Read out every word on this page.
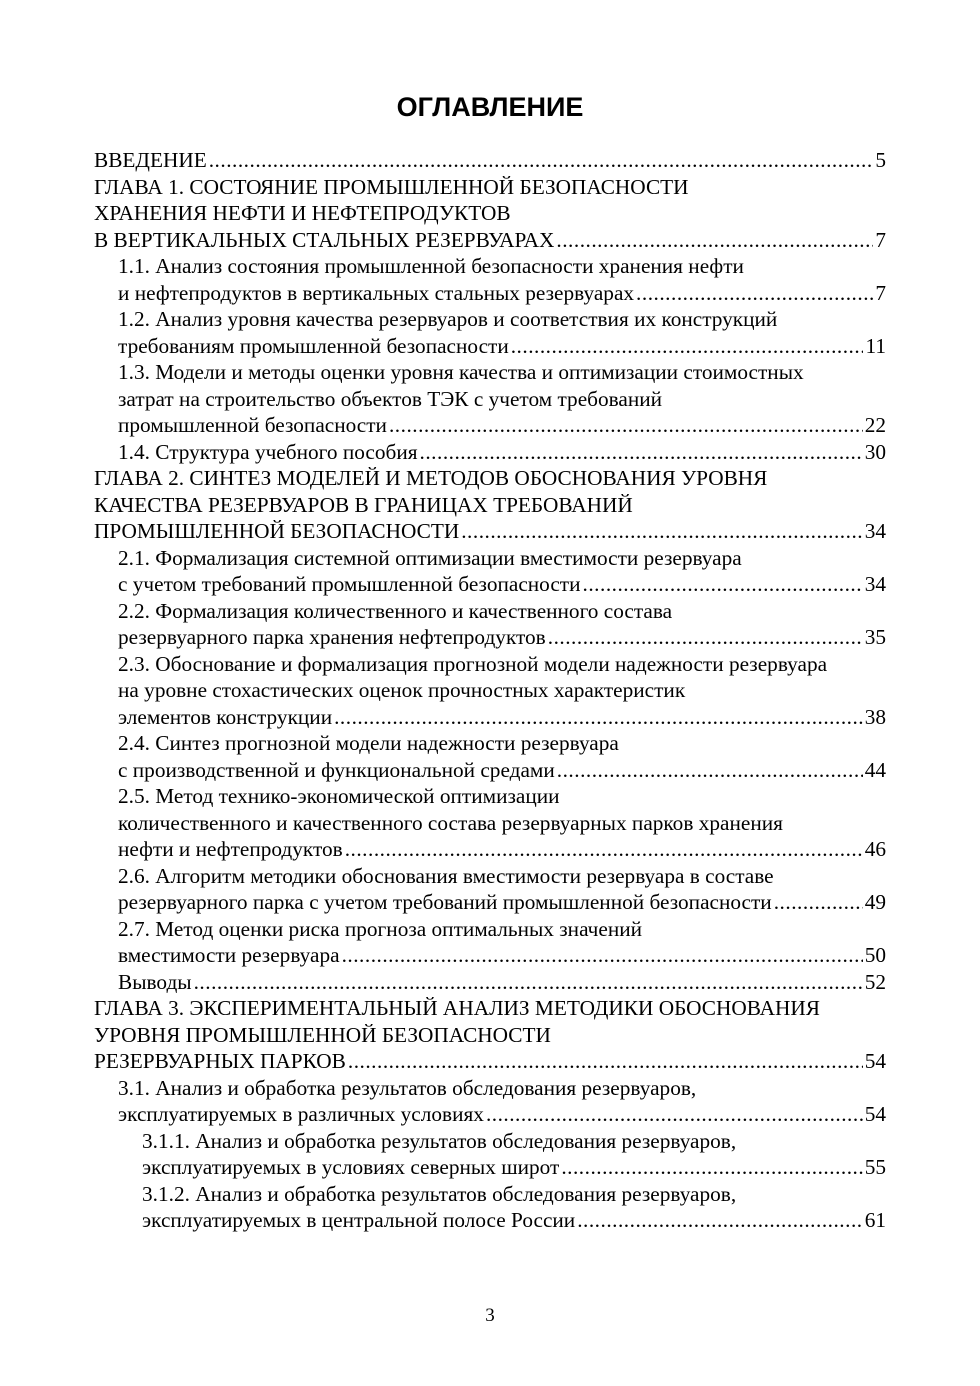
ОГЛАВЛЕНИЕ
ВВЕДЕНИЕ .....	5
ГЛАВА 1. СОСТОЯНИЕ ПРОМЫШЛЕННОЙ БЕЗОПАСНОСТИ
ХРАНЕНИЯ НЕФТИ И НЕФТЕПРОДУКТОВ
В ВЕРТИКАЛЬНЫХ СТАЛЬНЫХ РЕЗЕРВУАРАХ .....	7
1.1. Анализ состояния промышленной безопасности хранения нефти
и нефтепродуктов в вертикальных стальных резервуарах .....	7
1.2. Анализ уровня качества резервуаров и соответствия их конструкций
требованиям промышленной безопасности .....	11
1.3. Модели и методы оценки уровня качества и оптимизации стоимостных
затрат на строительство объектов ТЭК с учетом требований
промышленной безопасности .....	22
1.4. Структура учебного пособия .....	30
ГЛАВА 2. СИНТЕЗ МОДЕЛЕЙ И МЕТОДОВ ОБОСНОВАНИЯ УРОВНЯ
КАЧЕСТВА РЕЗЕРВУАРОВ В ГРАНИЦАХ ТРЕБОВАНИЙ
ПРОМЫШЛЕННОЙ БЕЗОПАСНОСТИ .....	34
2.1. Формализация системной оптимизации вместимости резервуара
с учетом требований промышленной безопасности .....	34
2.2. Формализация количественного и качественного состава
резервуарного парка хранения нефтепродуктов .....	35
2.3. Обоснование и формализация прогнозной модели надежности резервуара
на уровне стохастических оценок прочностных характеристик
элементов конструкции .....	38
2.4. Синтез прогнозной модели надежности резервуара
с производственной и функциональной средами .....	44
2.5. Метод технико-экономической оптимизации
количественного и качественного состава резервуарных парков хранения
нефти и нефтепродуктов .....	46
2.6. Алгоритм методики обоснования вместимости резервуара в составе
резервуарного парка с учетом требований промышленной безопасности .....	49
2.7. Метод оценки риска прогноза оптимальных значений
вместимости резервуара .....	50
Выводы .....	52
ГЛАВА 3. ЭКСПЕРИМЕНТАЛЬНЫЙ АНАЛИЗ МЕТОДИКИ ОБОСНОВАНИЯ
УРОВНЯ ПРОМЫШЛЕННОЙ БЕЗОПАСНОСТИ
РЕЗЕРВУАРНЫХ ПАРКОВ .....	54
3.1. Анализ и обработка результатов обследования резервуаров,
эксплуатируемых в различных условиях .....	54
3.1.1. Анализ и обработка результатов обследования резервуаров,
эксплуатируемых в условиях северных широт .....	55
3.1.2. Анализ и обработка результатов обследования резервуаров,
эксплуатируемых в центральной полосе России .....	61
3
